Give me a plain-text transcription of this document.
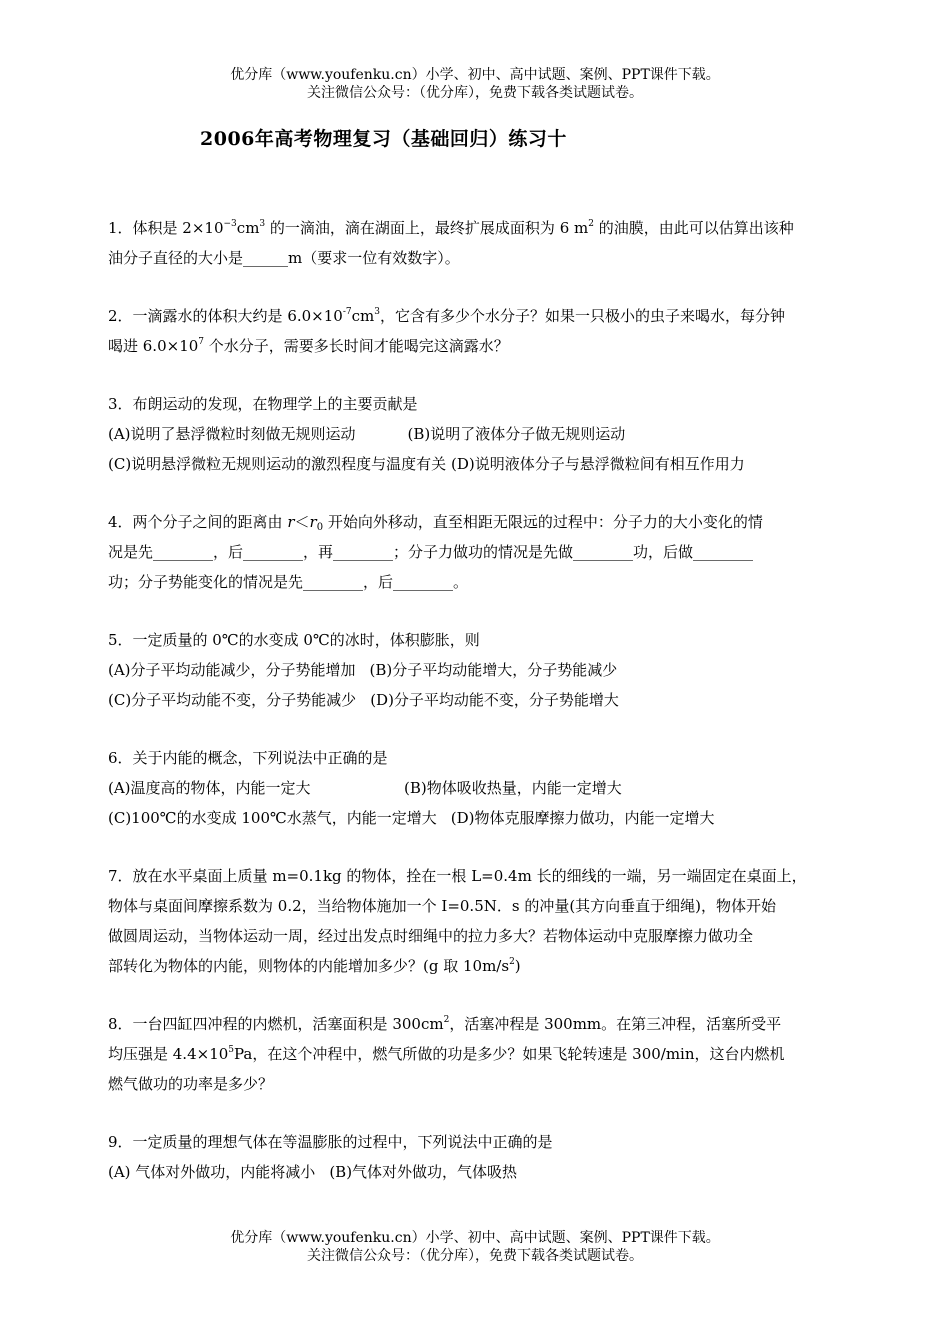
优分库（www.youfenku.cn）小学、初中、高中试题、案例、PPT课件下载。
关注微信公众号：（优分库），免费下载各类试题试卷。
2006年高考物理复习（基础回归）练习十

1．体积是 $2\times 10^{-3}cm^3$ 的一滴油，滴在湖面上，最终扩展成面积为 6 $m^2$ 的油膜，由此可以估算出该种

油分子直径的大小是______m（要求一位有效数字）。

2．一滴露水的体积大约是 $6.0\times 10^{-7}cm^3$，它含有多少个水分子？如果一只极小的虫子来喝水，每分钟

喝进 $6.0\times 10^7$ 个水分子，需要多长时间才能喝完这滴露水？

3．布朗运动的发现，在物理学上的主要贡献是

(A)说明了悬浮微粒时刻做无规则运动	(B)说明了液体分子做无规则运动

(C)说明悬浮微粒无规则运动的激烈程度与温度有关 (D)说明液体分子与悬浮微粒间有相互作用力

4．两个分子之间的距离由 $r<r_0$ 开始向外移动，直至相距无限远的过程中：分子力的大小变化的情

况是先________，后________，再________；分子力做功的情况是先做________功，后做________

功；分子势能变化的情况是先________，后________。

5．一定质量的 0℃的水变成 0℃的冰时，体积膨胀，则

(A)分子平均动能减少，分子势能增加 (B)分子平均动能增大，分子势能减少

(C)分子平均动能不变，分子势能减少 (D)分子平均动能不变，分子势能增大

6．关于内能的概念，下列说法中正确的是

(A)温度高的物体，内能一定大	(B)物体吸收热量，内能一定增大

(C)100℃的水变成 100℃水蒸气，内能一定增大 (D)物体克服摩擦力做功，内能一定增大

7．放在水平桌面上质量 m=0.1kg 的物体，拴在一根 L=0.4m 长的细线的一端，另一端固定在桌面上，

物体与桌面间摩擦系数为 0.2，当给物体施加一个 I=0.5N．s 的冲量(其方向垂直于细绳)，物体开始

做圆周运动，当物体运动一周，经过出发点时细绳中的拉力多大？若物体运动中克服摩擦力做功全

部转化为物体的内能，则物体的内能增加多少？(g 取 $10m/s^2$)

8．一台四缸四冲程的内燃机，活塞面积是 $300cm^2$，活塞冲程是 300mm。在第三冲程，活塞所受平

均压强是 $4.4\times 10^5Pa$，在这个冲程中，燃气所做的功是多少？如果飞轮转速是 300/min，这台内燃机

燃气做功的功率是多少？

9．一定质量的理想气体在等温膨胀的过程中，下列说法中正确的是

(A) 气体对外做功，内能将减小 (B)气体对外做功，气体吸热

优分库（www.youfenku.cn）小学、初中、高中试题、案例、PPT课件下载。
关注微信公众号：（优分库），免费下载各类试题试卷。
